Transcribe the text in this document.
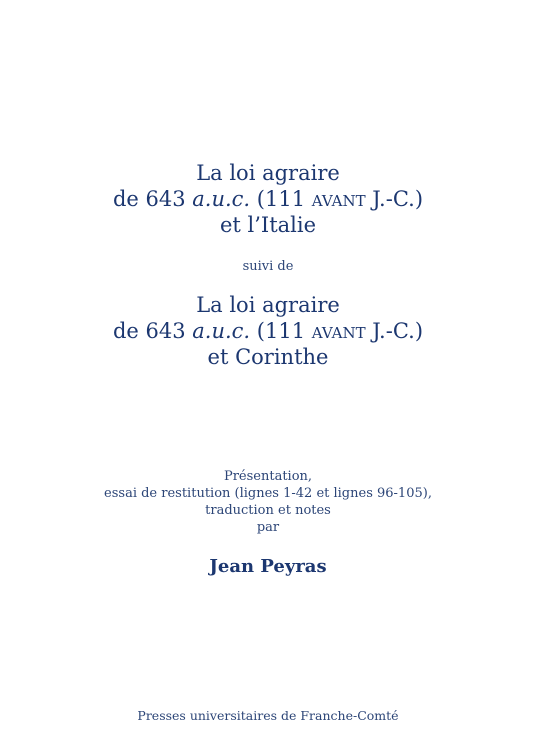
La loi agraire
de 643 a.u.c. (111 avant J.-C.)
et l’Italie
suivi de
La loi agraire
de 643 a.u.c. (111 avant J.-C.)
et Corinthe
Présentation,
essai de restitution (lignes 1-42 et lignes 96-105),
traduction et notes
par
Jean Peyras
Presses universitaires de Franche-Comté
